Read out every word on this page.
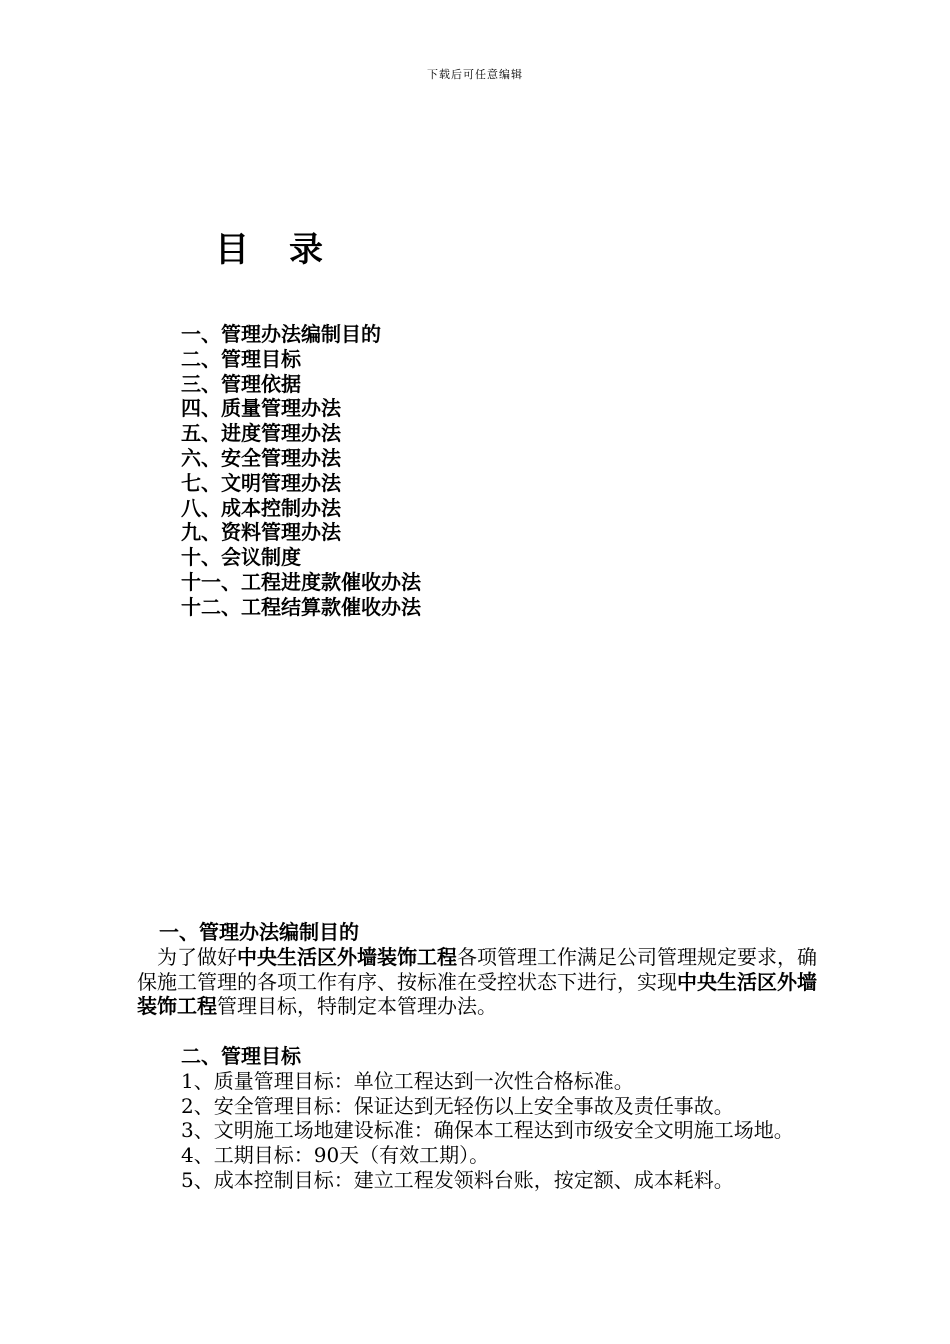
下载后可任意编辑
目录
一、管理办法编制目的
二、管理目标
三、管理依据
四、质量管理办法
五、进度管理办法
六、安全管理办法
七、文明管理办法
八、成本控制办法
九、资料管理办法
十、会议制度
十一、工程进度款催收办法
十二、工程结算款催收办法

一、管理办法编制目的

为了做好中央生活区外墙装饰工程各项管理工作满足公司管理规定要求，确保施工管理的各项工作有序、按标准在受控状态下进行，实现中央生活区外墙装饰工程管理目标，特制定本管理办法。

二、管理目标

1、质量管理目标：单位工程达到一次性合格标准。

2、安全管理目标：保证达到无轻伤以上安全事故及责任事故。

3、文明施工场地建设标准：确保本工程达到市级安全文明施工场地。

4、工期目标：90天（有效工期）。

5、成本控制目标：建立工程发领料台账，按定额、成本耗料。
